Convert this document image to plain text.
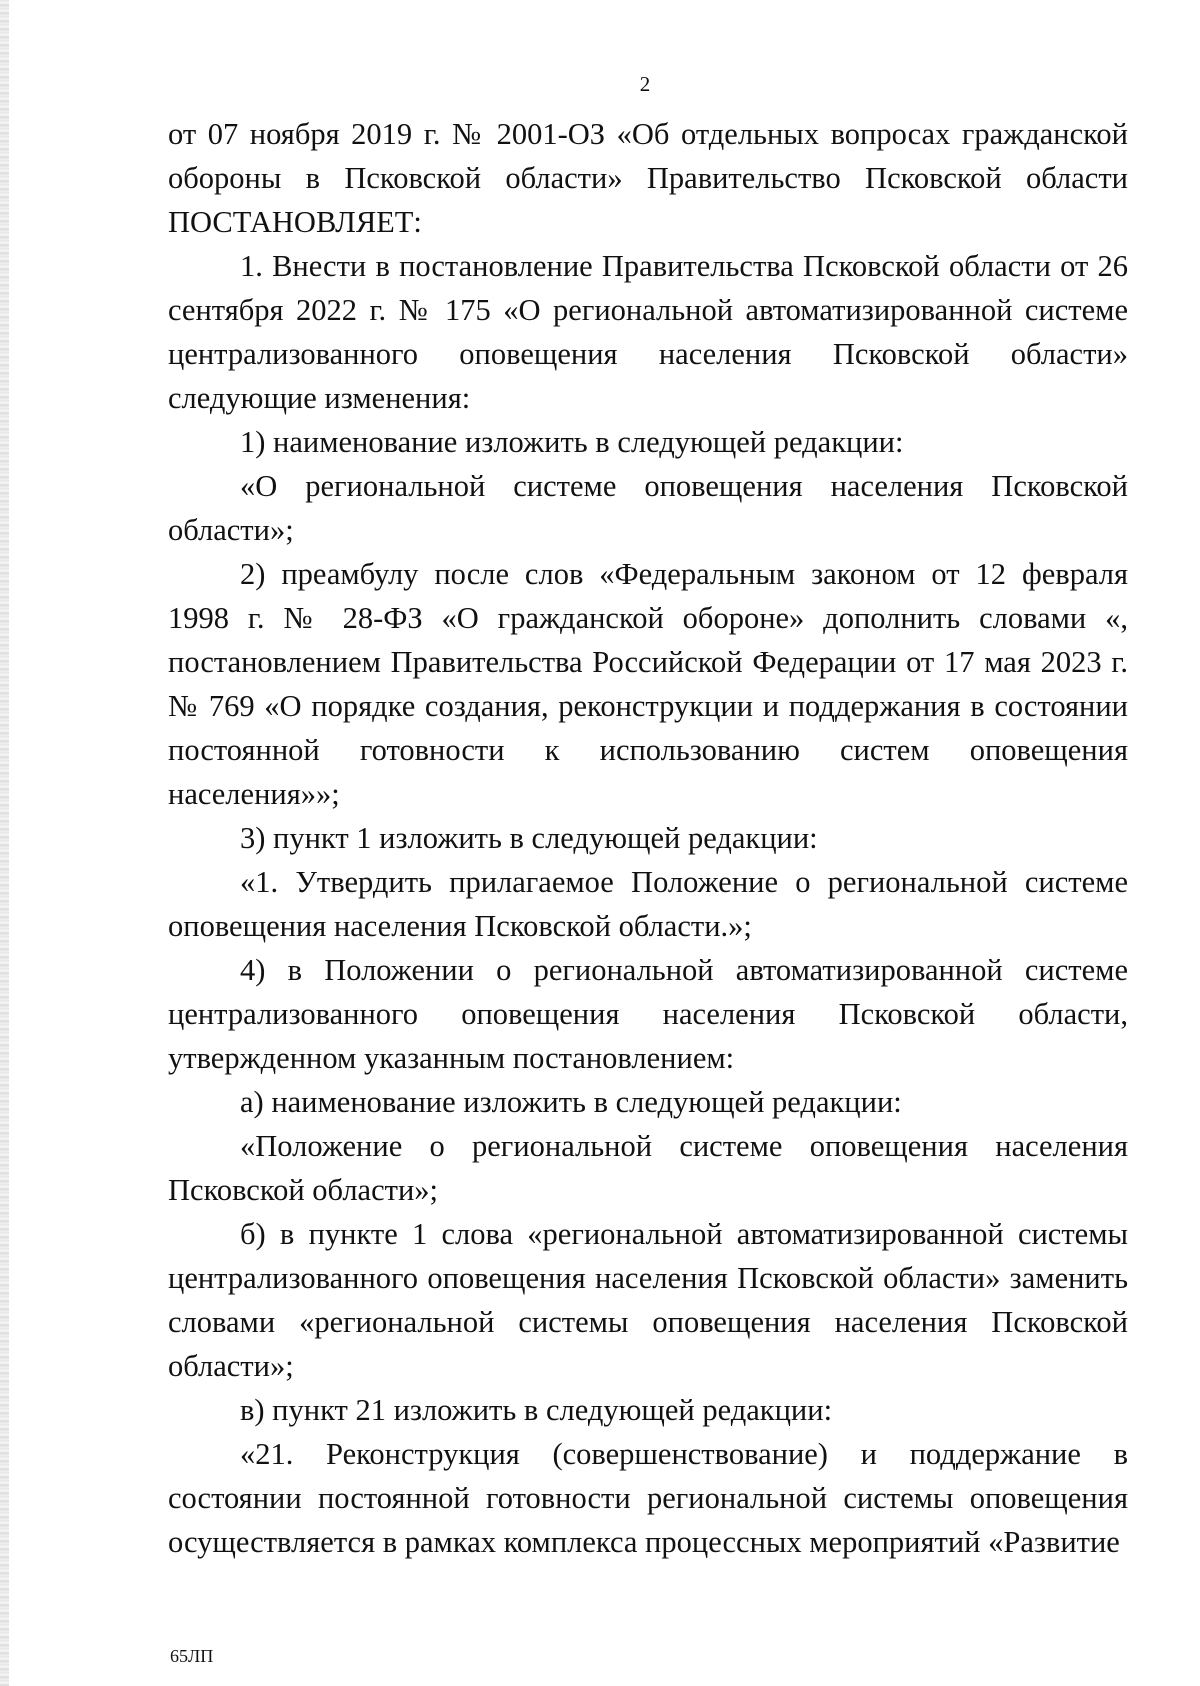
2

от 07 ноября 2019 г. № 2001-ОЗ «Об отдельных вопросах гражданской обороны в Псковской области» Правительство Псковской области ПОСТАНОВЛЯЕТ:

1. Внести в постановление Правительства Псковской области от 26 сентября 2022 г. № 175 «О региональной автоматизированной системе централизованного оповещения населения Псковской области» следующие изменения:

1) наименование изложить в следующей редакции:

«О региональной системе оповещения населения Псковской области»;

2) преамбулу после слов «Федеральным законом от 12 февраля 1998 г. № 28-ФЗ «О гражданской обороне» дополнить словами «, постановлением Правительства Российской Федерации от 17 мая 2023 г. № 769 «О порядке создания, реконструкции и поддержания в состоянии постоянной готовности к использованию систем оповещения населения»»;

3) пункт 1 изложить в следующей редакции:

«1. Утвердить прилагаемое Положение о региональной системе оповещения населения Псковской области.»;

4) в Положении о региональной автоматизированной системе централизованного оповещения населения Псковской области, утвержденном указанным постановлением:

а) наименование изложить в следующей редакции:

«Положение о региональной системе оповещения населения Псковской области»;

б) в пункте 1 слова «региональной автоматизированной системы централизованного оповещения населения Псковской области» заменить словами «региональной системы оповещения населения Псковской области»;

в) пункт 21 изложить в следующей редакции:

«21. Реконструкция (совершенствование) и поддержание в состоянии постоянной готовности региональной системы оповещения осуществляется в рамках комплекса процессных мероприятий «Развитие

65ЛП
